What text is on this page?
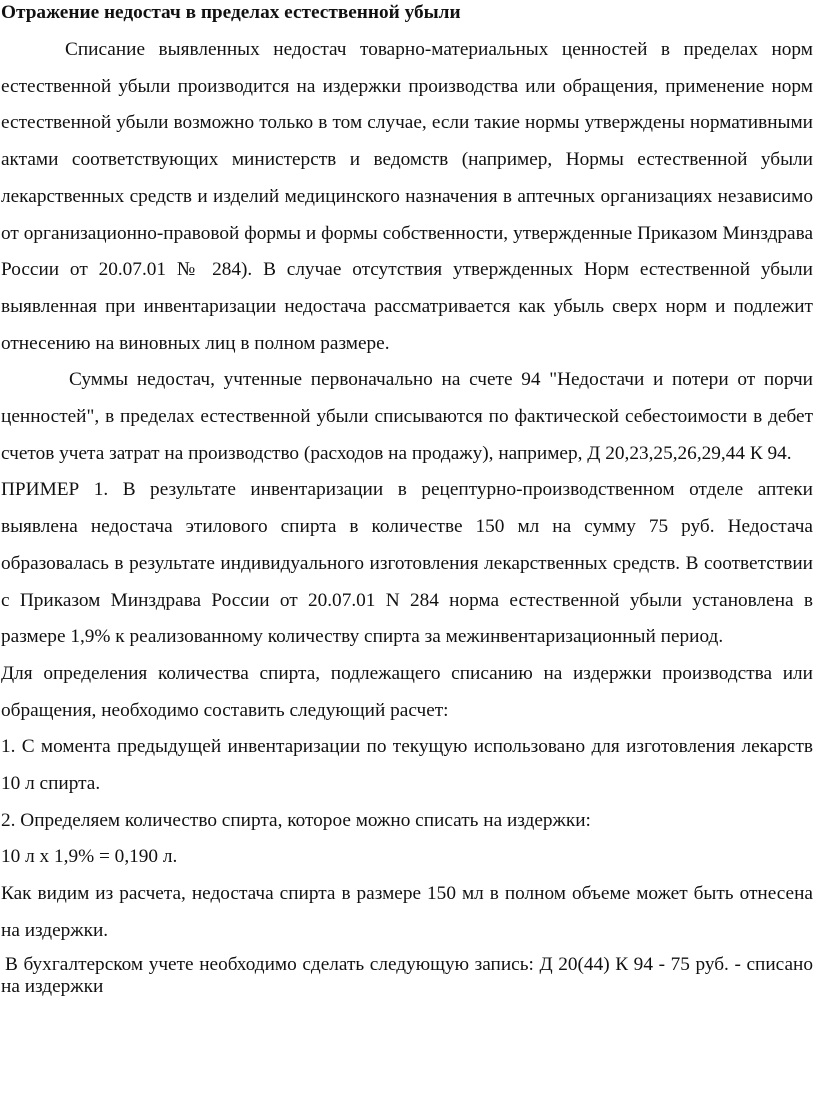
Отражение недостач в пределах естественной убыли

Списание выявленных недостач товарно-материальных ценностей в пределах норм естественной убыли производится на издержки производства или обращения, применение норм естественной убыли возможно только в том случае, если такие нормы утверждены нормативными актами соответствующих министерств и ведомств (например, Нормы естественной убыли лекарственных средств и изделий медицинского назначения в аптечных организациях независимо от организационно-правовой формы и формы собственности, утвержденные Приказом Минздрава России от 20.07.01 № 284). В случае отсутствия утвержденных Норм естественной убыли выявленная при инвентаризации недостача рассматривается как убыль сверх норм и подлежит отнесению на виновных лиц в полном размере.

Суммы недостач, учтенные первоначально на счете 94 "Недостачи и потери от порчи ценностей", в пределах естественной убыли списываются по фактической себестоимости в дебет счетов учета затрат на производство (расходов на продажу), например, Д 20,23,25,26,29,44 К 94.

ПРИМЕР 1. В результате инвентаризации в рецептурно-производственном отделе аптеки выявлена недостача этилового спирта в количестве 150 мл на сумму 75 руб. Недостача образовалась в результате индивидуального изготовления лекарственных средств. В соответствии с Приказом Минздрава России от 20.07.01 N 284 норма естественной убыли установлена в размере 1,9% к реализованному количеству спирта за межинвентаризационный период.

Для определения количества спирта, подлежащего списанию на издержки производства или обращения, необходимо составить следующий расчет:

1. С момента предыдущей инвентаризации по текущую использовано для изготовления лекарств 10 л спирта.

2. Определяем количество спирта, которое можно списать на издержки:

10 л х 1,9% = 0,190 л.

Как видим из расчета, недостача спирта в размере 150 мл в полном объеме может быть отнесена на издержки.

В бухгалтерском учете необходимо сделать следующую запись: Д 20(44) К 94 - 75 руб. - списано на издержки
